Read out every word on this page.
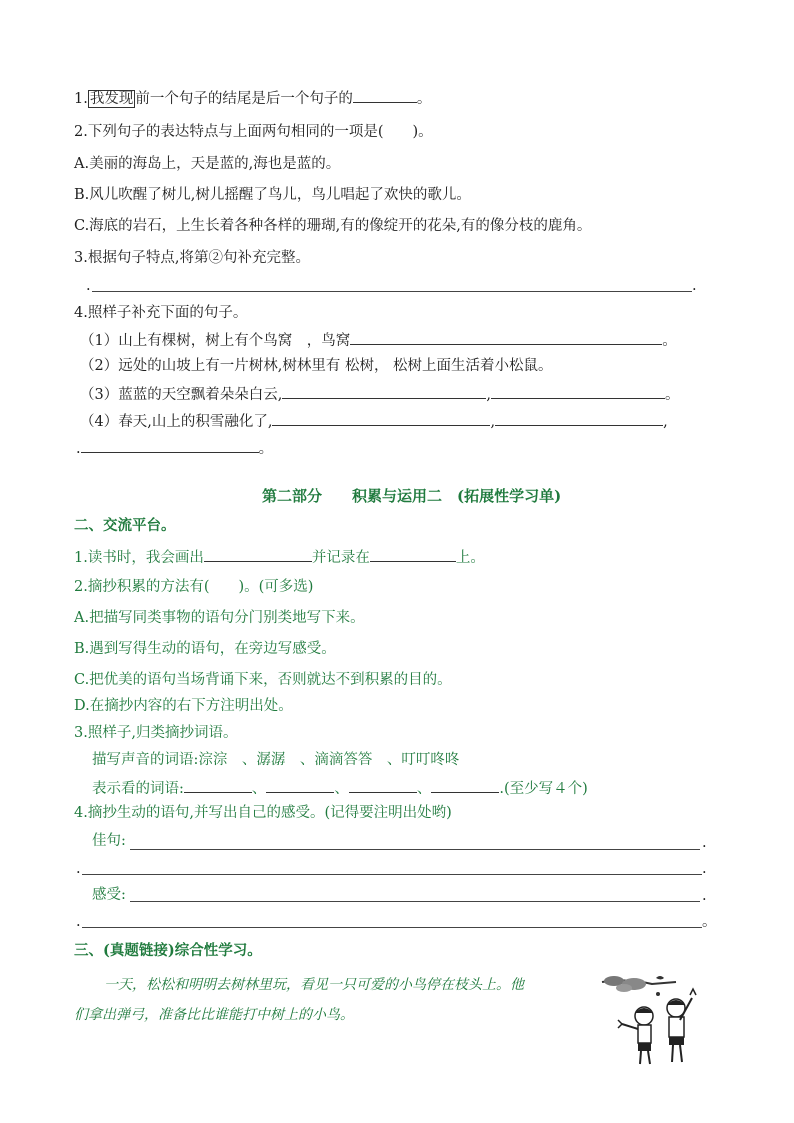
1. 我发现 前一个句子的结尾是后一个句子的	。
2.下列句子的表达特点与上面两句相同的一项是(　　)。
A.美丽的海岛上，天是蓝的,海也是蓝的。
B.风儿吹醒了树儿,树儿摇醒了鸟儿，鸟儿唱起了欢快的歌儿。
C.海底的岩石，上生长着各种各样的珊瑚,有的像绽开的花朵,有的像分枝的鹿角。
3.根据句子特点,将第②句补充完整。
.	.
4.照样子补充下面的句子。
（1）山上有棵树，树上有个鸟窝　，鸟窝	。
（2）远处的山坡上有一片树林,树林里有 松树， 松树上面生活着小松鼠。
（3）蓝蓝的天空飘着朵朵白云,	,	。
（4）春天,山上的积雪融化了,	,	,
.	。
第二部分　　积累与运用二　(拓展性学习单)
二、交流平台。
1.读书时，我会画出	并记录在	上。
2.摘抄积累的方法有(　　)。(可多选)
A.把描写同类事物的语句分门别类地写下来。
B.遇到写得生动的语句，在旁边写感受。
C.把优美的语句当场背诵下来，否则就达不到积累的目的。
D.在摘抄内容的右下方注明出处。
3.照样子,归类摘抄词语。
描写声音的词语:淙淙　、潺潺　、滴滴答答　、叮叮咚咚
表示看的词语:	、	、	、	.(至少写４个)
4.摘抄生动的语句,并写出自己的感受。(记得要注明出处哟)
佳句:	.
.	.
感受:	.
.	。
三、(真题链接)综合性学习。
一天，松松和明明去树林里玩，看见一只可爱的小鸟停在枝头上。他
们拿出弹弓，准备比比谁能打中树上的小鸟。
